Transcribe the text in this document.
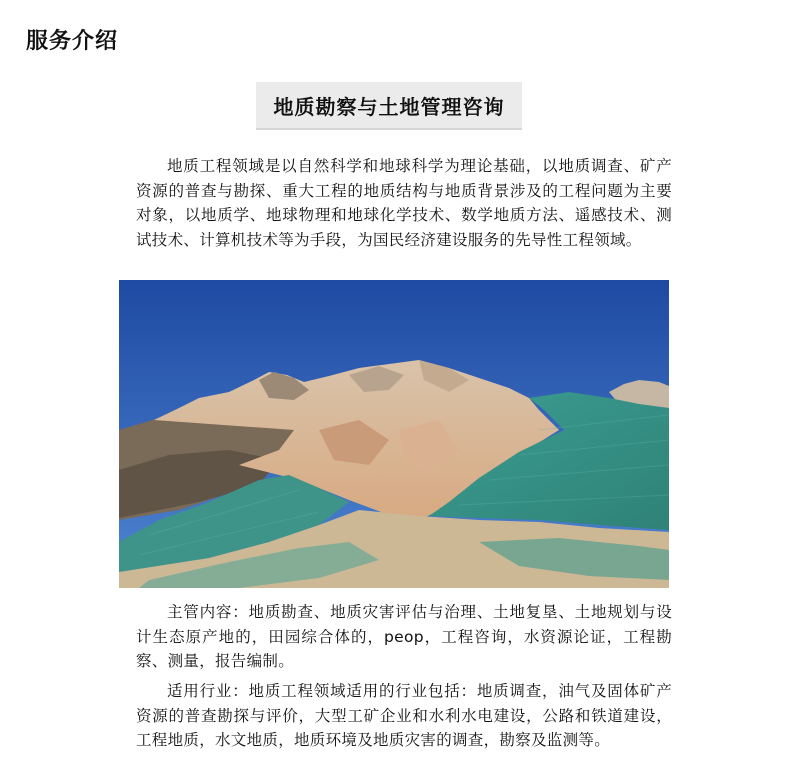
服务介绍
地质勘察与土地管理咨询

地质工程领域是以自然科学和地球科学为理论基础，以地质调查、矿产资源的普查与勘探、重大工程的地质结构与地质背景涉及的工程问题为主要对象，以地质学、地球物理和地球化学技术、数学地质方法、遥感技术、测试技术、计算机技术等为手段，为国民经济建设服务的先导性工程领域。

主管内容：地质勘查、地质灾害评估与治理、土地复垦、土地规划与设计生态原产地的，田园综合体的，peop，工程咨询，水资源论证，工程勘察、测量，报告编制。

适用行业：地质工程领域适用的行业包括：地质调查，油气及固体矿产资源的普查勘探与评价，大型工矿企业和水利水电建设，公路和铁道建设，工程地质，水文地质，地质环境及地质灾害的调查，勘察及监测等。
